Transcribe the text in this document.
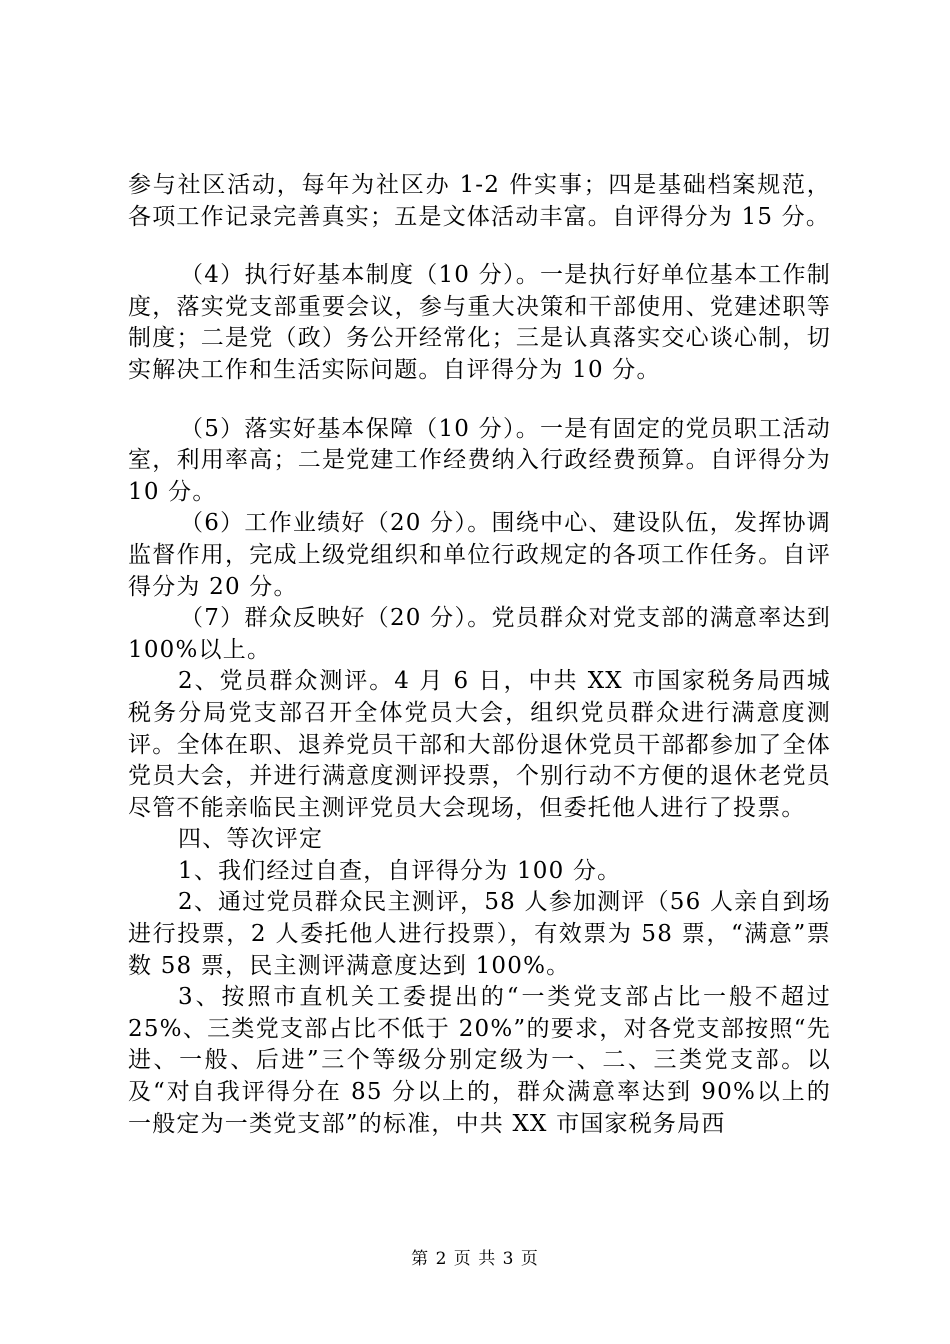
参与社区活动，每年为社区办 1-2 件实事；四是基础档案规范，各项工作记录完善真实；五是文体活动丰富。自评得分为 15 分。

（4）执行好基本制度（10 分）。一是执行好单位基本工作制度，落实党支部重要会议，参与重大决策和干部使用、党建述职等制度；二是党（政）务公开经常化；三是认真落实交心谈心制，切实解决工作和生活实际问题。自评得分为 10 分。

（5）落实好基本保障（10 分）。一是有固定的党员职工活动室，利用率高；二是党建工作经费纳入行政经费预算。自评得分为 10 分。

（6）工作业绩好（20 分）。围绕中心、建设队伍，发挥协调监督作用，完成上级党组织和单位行政规定的各项工作任务。自评得分为 20 分。

（7）群众反映好（20 分）。党员群众对党支部的满意率达到 100%以上。

2、党员群众测评。4 月 6 日，中共 XX 市国家税务局西城税务分局党支部召开全体党员大会，组织党员群众进行满意度测评。全体在职、退养党员干部和大部份退休党员干部都参加了全体党员大会，并进行满意度测评投票，个别行动不方便的退休老党员尽管不能亲临民主测评党员大会现场，但委托他人进行了投票。

四、等次评定

1、我们经过自查，自评得分为 100 分。

2、通过党员群众民主测评，58 人参加测评（56 人亲自到场进行投票，2 人委托他人进行投票），有效票为 58 票，“满意”票数 58 票，民主测评满意度达到 100%。

3、按照市直机关工委提出的“一类党支部占比一般不超过25%、三类党支部占比不低于 20%”的要求，对各党支部按照“先进、一般、后进”三个等级分别定级为一、二、三类党支部。以及“对自我评得分在 85 分以上的，群众满意率达到 90%以上的一般定为一类党支部”的标准，中共 XX 市国家税务局西

第 2 页 共 3 页
